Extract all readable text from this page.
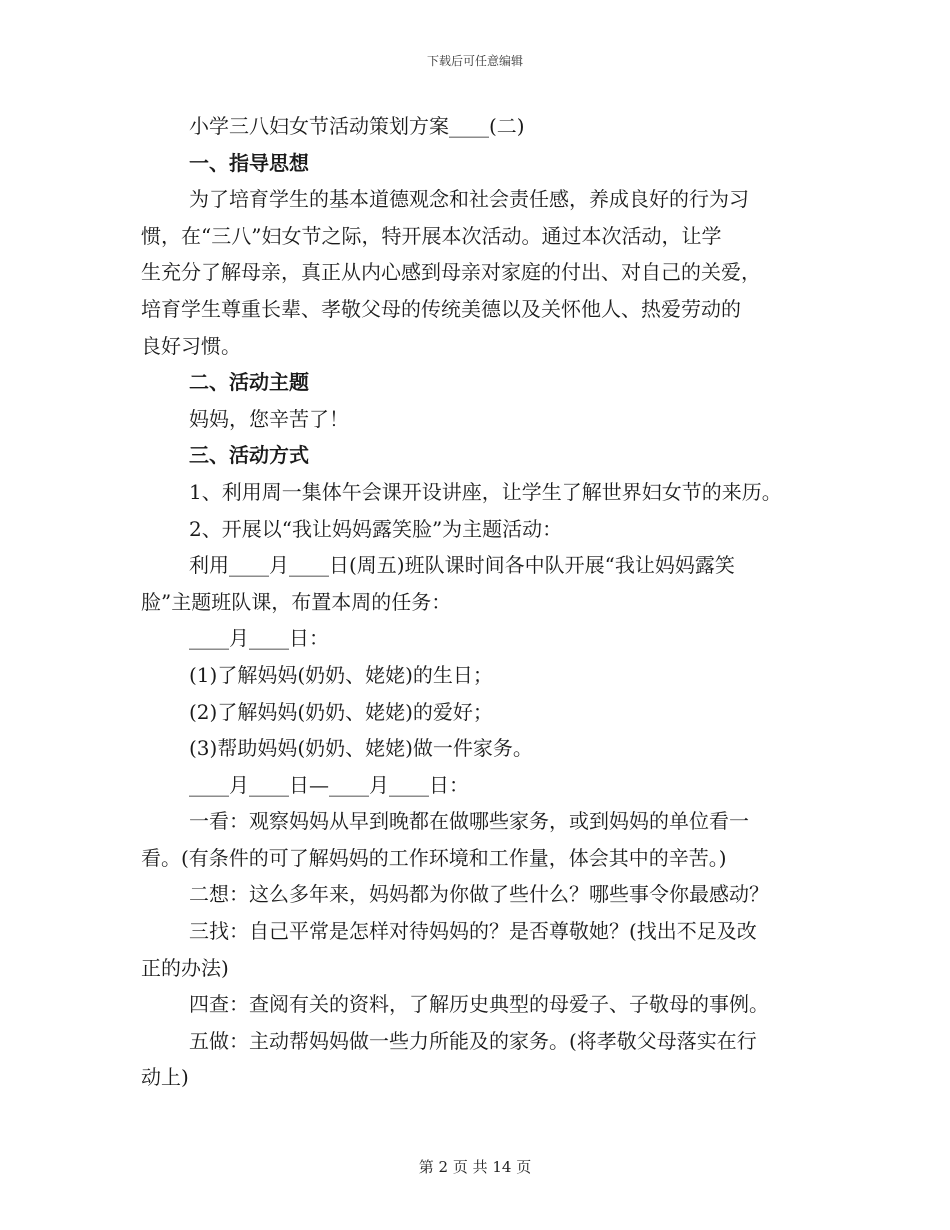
下载后可任意编辑

小学三八妇女节活动策划方案____(二)

一、指导思想

为了培育学生的基本道德观念和社会责任感，养成良好的行为习

惯，在“三八”妇女节之际，特开展本次活动。通过本次活动，让学

生充分了解母亲，真正从内心感到母亲对家庭的付出、对自己的关爱，

培育学生尊重长辈、孝敬父母的传统美德以及关怀他人、热爱劳动的

良好习惯。

二、活动主题

妈妈，您辛苦了！

三、活动方式

1、利用周一集体午会课开设讲座，让学生了解世界妇女节的来历。

2、开展以“我让妈妈露笑脸”为主题活动：

利用____月____日(周五)班队课时间各中队开展“我让妈妈露笑

脸”主题班队课，布置本周的任务：

____月____日：

(1)了解妈妈(奶奶、姥姥)的生日；

(2)了解妈妈(奶奶、姥姥)的爱好；

(3)帮助妈妈(奶奶、姥姥)做一件家务。

____月____日—____月____日：

一看：观察妈妈从早到晚都在做哪些家务，或到妈妈的单位看一

看。(有条件的可了解妈妈的工作环境和工作量，体会其中的辛苦。)

二想：这么多年来，妈妈都为你做了些什么？哪些事令你最感动？

三找：自己平常是怎样对待妈妈的？是否尊敬她？(找出不足及改

正的办法)

四查：查阅有关的资料，了解历史典型的母爱子、子敬母的事例。

五做：主动帮妈妈做一些力所能及的家务。(将孝敬父母落实在行

动上)

第 2 页 共 14 页
